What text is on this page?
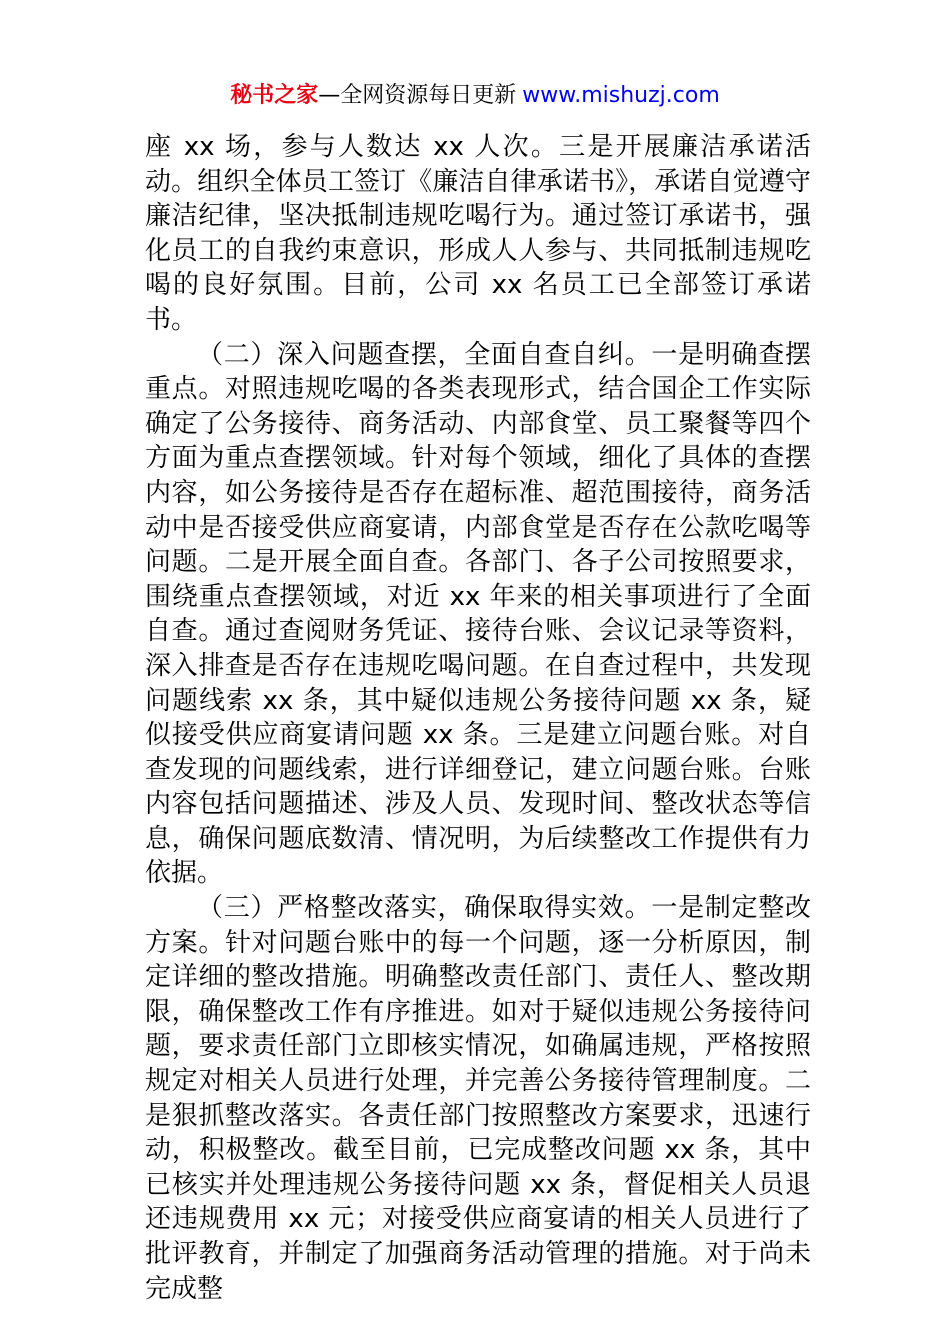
秘书之家—全网资源每日更新 www.mishuzj.com

座 xx 场，参与人数达 xx 人次。三是开展廉洁承诺活动。组织全体员工签订《廉洁自律承诺书》，承诺自觉遵守廉洁纪律，坚决抵制违规吃喝行为。通过签订承诺书，强化员工的自我约束意识，形成人人参与、共同抵制违规吃喝的良好氛围。目前，公司 xx 名员工已全部签订承诺书。

（二）深入问题查摆，全面自查自纠。一是明确查摆重点。对照违规吃喝的各类表现形式，结合国企工作实际确定了公务接待、商务活动、内部食堂、员工聚餐等四个方面为重点查摆领域。针对每个领域，细化了具体的查摆内容，如公务接待是否存在超标准、超范围接待，商务活动中是否接受供应商宴请，内部食堂是否存在公款吃喝等问题。二是开展全面自查。各部门、各子公司按照要求，围绕重点查摆领域，对近 xx 年来的相关事项进行了全面自查。通过查阅财务凭证、接待台账、会议记录等资料，深入排查是否存在违规吃喝问题。在自查过程中，共发现问题线索 xx 条，其中疑似违规公务接待问题 xx 条，疑似接受供应商宴请问题 xx 条。三是建立问题台账。对自查发现的问题线索，进行详细登记，建立问题台账。台账内容包括问题描述、涉及人员、发现时间、整改状态等信息，确保问题底数清、情况明，为后续整改工作提供有力依据。

（三）严格整改落实，确保取得实效。一是制定整改方案。针对问题台账中的每一个问题，逐一分析原因，制定详细的整改措施。明确整改责任部门、责任人、整改期限，确保整改工作有序推进。如对于疑似违规公务接待问题，要求责任部门立即核实情况，如确属违规，严格按照规定对相关人员进行处理，并完善公务接待管理制度。二是狠抓整改落实。各责任部门按照整改方案要求，迅速行动，积极整改。截至目前，已完成整改问题 xx 条，其中已核实并处理违规公务接待问题 xx 条，督促相关人员退还违规费用 xx 元；对接受供应商宴请的相关人员进行了批评教育，并制定了加强商务活动管理的措施。对于尚未完成整
